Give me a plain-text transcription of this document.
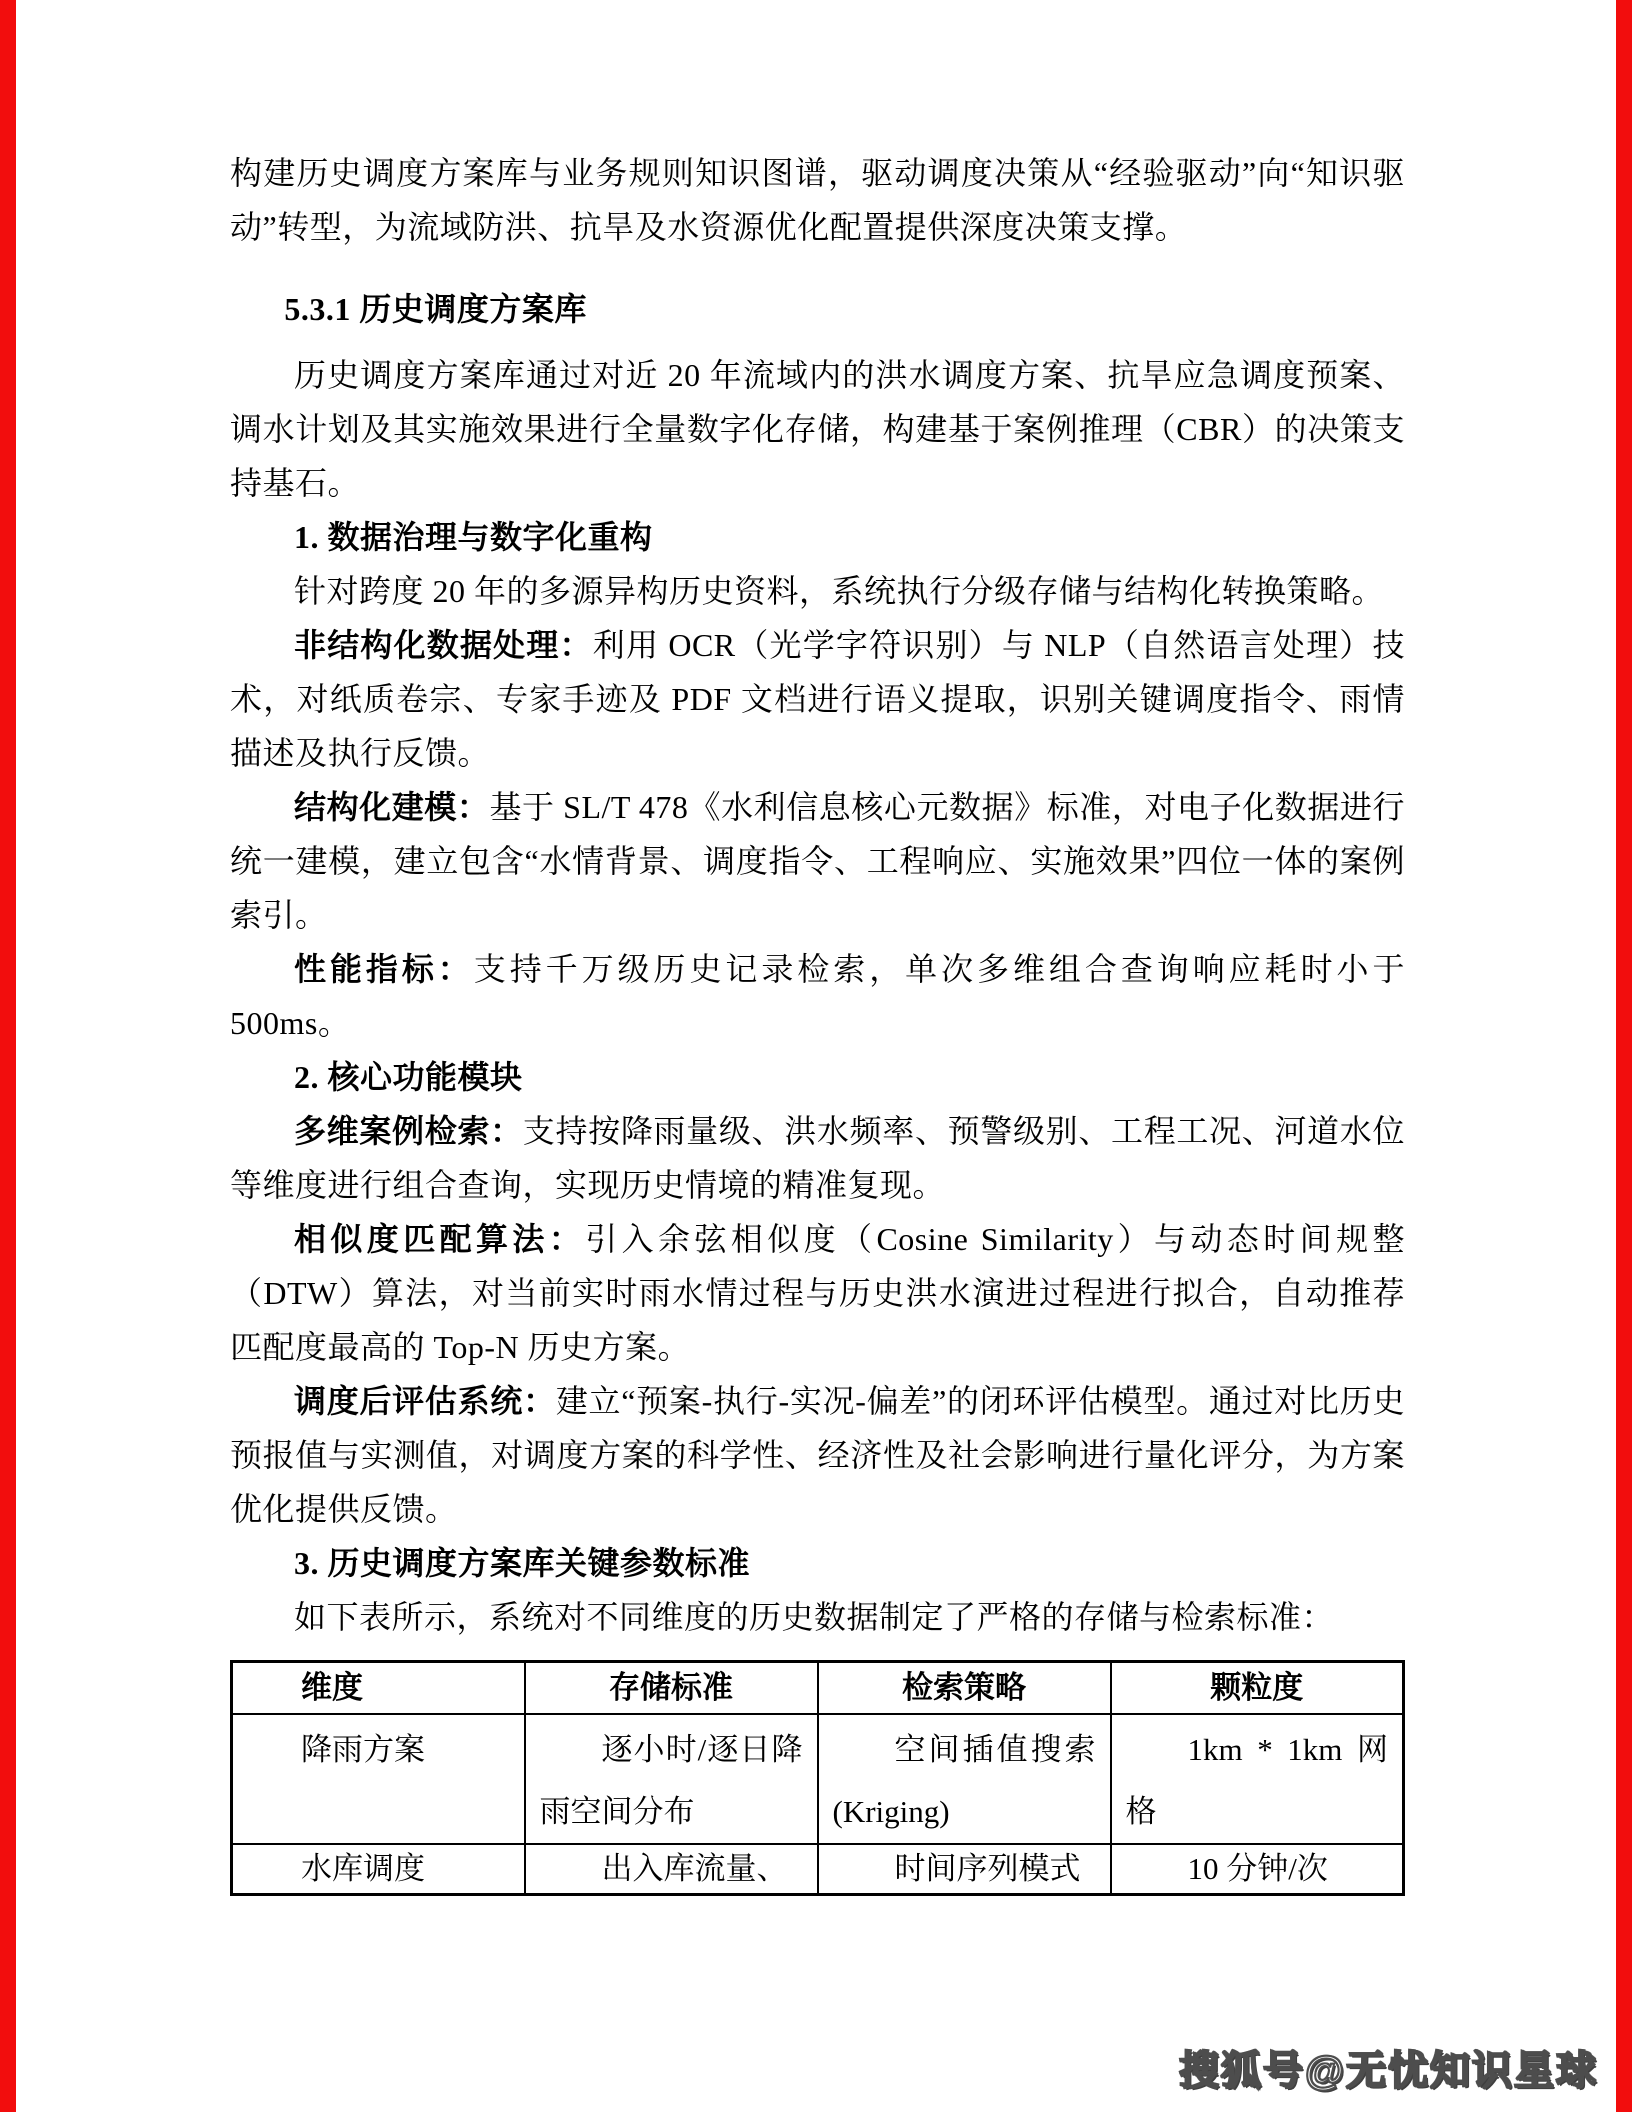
构建历史调度方案库与业务规则知识图谱，驱动调度决策从“经验驱动”向“知识驱动”转型，为流域防洪、抗旱及水资源优化配置提供深度决策支撑。

5.3.1 历史调度方案库

历史调度方案库通过对近 20 年流域内的洪水调度方案、抗旱应急调度预案、调水计划及其实施效果进行全量数字化存储，构建基于案例推理（CBR）的决策支持基石。

1. 数据治理与数字化重构

针对跨度 20 年的多源异构历史资料，系统执行分级存储与结构化转换策略。

非结构化数据处理：利用 OCR（光学字符识别）与 NLP（自然语言处理）技术，对纸质卷宗、专家手迹及 PDF 文档进行语义提取，识别关键调度指令、雨情描述及执行反馈。

结构化建模：基于 SL/T 478《水利信息核心元数据》标准，对电子化数据进行统一建模，建立包含“水情背景、调度指令、工程响应、实施效果”四位一体的案例索引。

性能指标：支持千万级历史记录检索，单次多维组合查询响应耗时小于 500ms。

2. 核心功能模块

多维案例检索：支持按降雨量级、洪水频率、预警级别、工程工况、河道水位等维度进行组合查询，实现历史情境的精准复现。

相似度匹配算法：引入余弦相似度（Cosine Similarity）与动态时间规整（DTW）算法，对当前实时雨水情过程与历史洪水演进过程进行拟合，自动推荐匹配度最高的 Top-N 历史方案。

调度后评估系统：建立“预案-执行-实况-偏差”的闭环评估模型。通过对比历史预报值与实测值，对调度方案的科学性、经济性及社会影响进行量化评分，为方案优化提供反馈。

3. 历史调度方案库关键参数标准

如下表所示，系统对不同维度的历史数据制定了严格的存储与检索标准：

维度	存储标准	检索策略	颗粒度
降雨方案	逐小时/逐日降雨空间分布	空间插值搜索(Kriging)	1km * 1km 网格
水库调度	出入库流量、	时间序列模式	10 分钟/次
搜狐号@无忧知识星球
